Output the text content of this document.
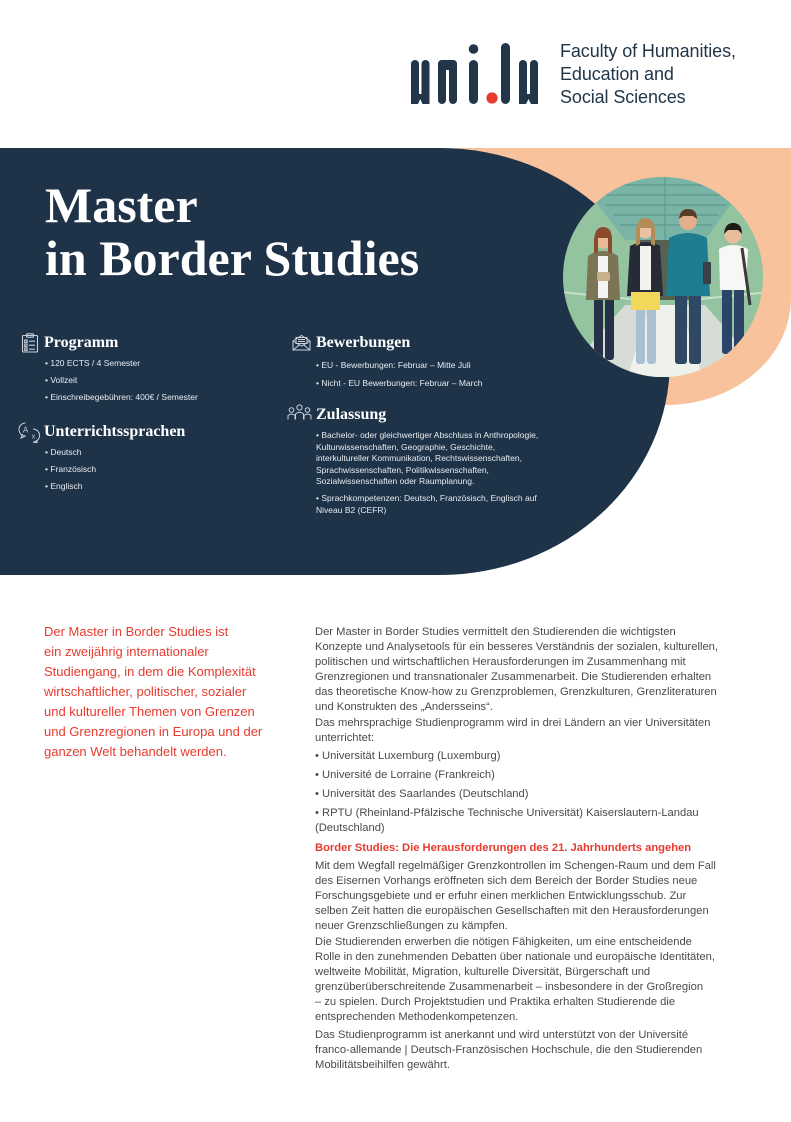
Faculty of Humanities,
Education and
Social Sciences
Master
in Border Studies
Programm
• 120 ECTS / 4 Semester
• Vollzeit
• Einschreibegebühren: 400€ / Semester
A
x Unterrichtssprachen
• Deutsch
• Französisch
• Englisch
Bewerbungen
• EU - Bewerbungen: Februar – Mitte Juli
• Nicht - EU Bewerbungen: Februar – March
Zulassung
• Bachelor- oder gleichwertiger Abschluss in Anthropologie,
Kulturwissenschaften, Geographie, Geschichte,
interkultureller Kommunikation, Rechtswissenschaften,
Sprachwissenschaften, Politikwissenschaften,
Sozialwissenschaften oder Raumplanung.
• Sprachkompetenzen: Deutsch, Französisch, Englisch auf
Niveau B2 (CEFR)
Der Master in Border Studies ist
ein zweijährig internationaler
Studiengang, in dem die Komplexität
wirtschaftlicher, politischer, sozialer
und kultureller Themen von Grenzen
und Grenzregionen in Europa und der
ganzen Welt behandelt werden.

Der Master in Border Studies vermittelt den Studierenden die wichtigsten
Konzepte und Analysetools für ein besseres Verständnis der sozialen, kulturellen,
politischen und wirtschaftlichen Herausforderungen im Zusammenhang mit
Grenzregionen und transnationaler Zusammenarbeit. Die Studierenden erhalten
das theoretische Know-how zu Grenzproblemen, Grenzkulturen, Grenzliteraturen
und Konstrukten des „Andersseins“.

Das mehrsprachige Studienprogramm wird in drei Ländern an vier Universitäten
unterrichtet:

• Universität Luxemburg (Luxemburg)
• Université de Lorraine (Frankreich)
• Universität des Saarlandes (Deutschland)
• RPTU (Rheinland-Pfälzische Technische Universität) Kaiserslautern-Landau
(Deutschland)
Border Studies: Die Herausforderungen des 21. Jahrhunderts angehen

Mit dem Wegfall regelmäßiger Grenzkontrollen im Schengen-Raum und dem Fall
des Eisernen Vorhangs eröffneten sich dem Bereich der Border Studies neue
Forschungsgebiete und er erfuhr einen merklichen Entwicklungsschub. Zur
selben Zeit hatten die europäischen Gesellschaften mit den Herausforderungen
neuer Grenzschließungen zu kämpfen.

Die Studierenden erwerben die nötigen Fähigkeiten, um eine entscheidende
Rolle in den zunehmenden Debatten über nationale und europäische Identitäten,
weltweite Mobilität, Migration, kulturelle Diversität, Bürgerschaft und
grenzüberüberschreitende Zusammenarbeit – insbesondere in der Großregion
– zu spielen. Durch Projektstudien und Praktika erhalten Studierende die
entsprechenden Methodenkompetenzen.

Das Studienprogramm ist anerkannt und wird unterstützt von der Université
franco-allemande | Deutsch-Französischen Hochschule, die den Studierenden
Mobilitätsbeihilfen gewährt.
